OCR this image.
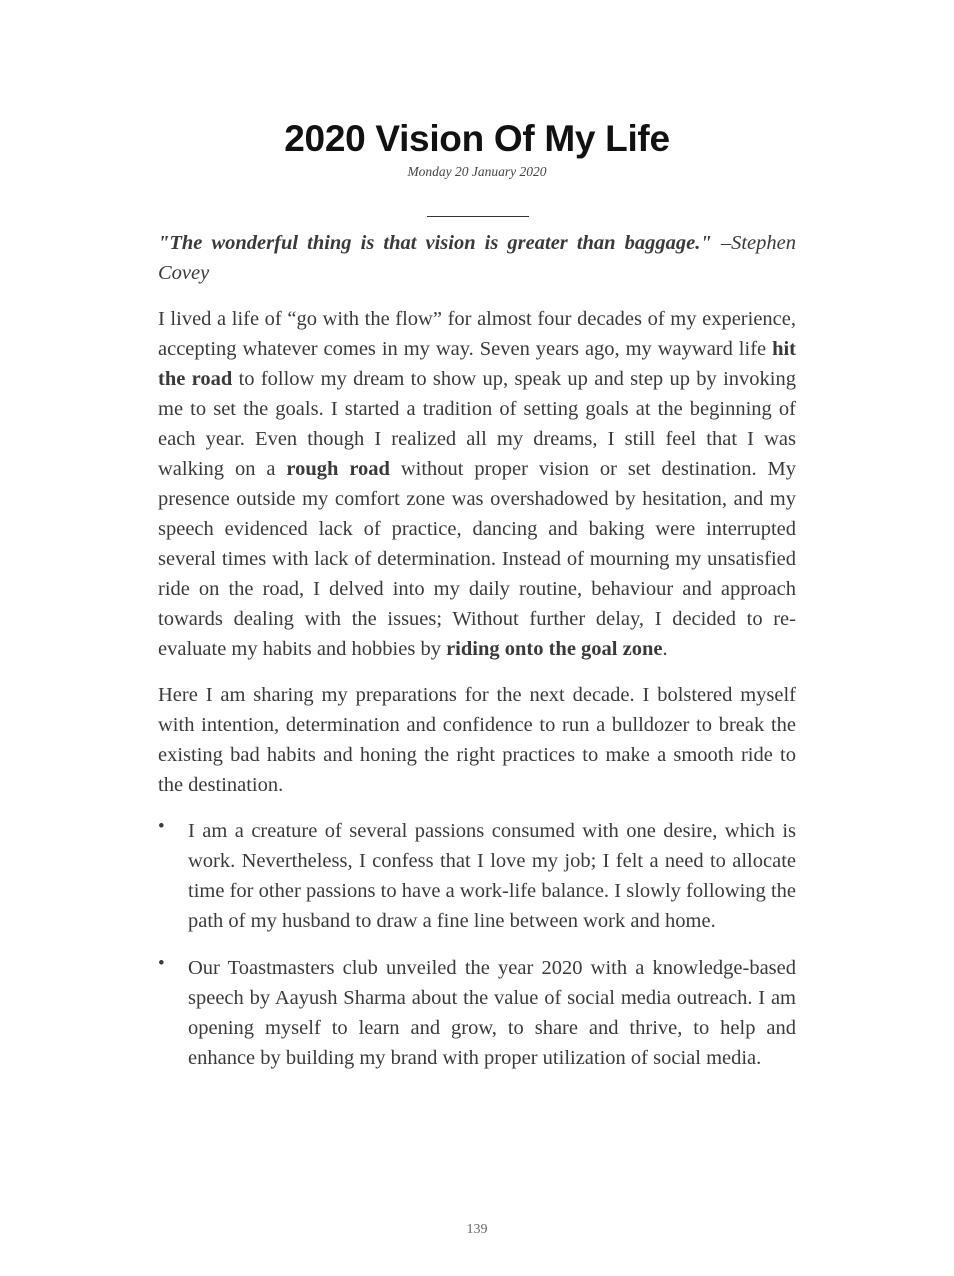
2020 Vision Of My Life
Monday 20 January 2020

"The wonderful thing is that vision is greater than baggage." –Stephen Covey

I lived a life of “go with the flow” for almost four decades of my experience, accepting whatever comes in my way. Seven years ago, my wayward life hit the road to follow my dream to show up, speak up and step up by invoking me to set the goals. I started a tradition of setting goals at the beginning of each year. Even though I realized all my dreams, I still feel that I was walking on a rough road without proper vision or set destination. My presence outside my comfort zone was overshadowed by hesitation, and my speech evidenced lack of practice, dancing and baking were interrupted several times with lack of determination. Instead of mourning my unsatisfied ride on the road, I delved into my daily routine, behaviour and approach towards dealing with the issues; Without further delay, I decided to re-evaluate my habits and hobbies by riding onto the goal zone.

Here I am sharing my preparations for the next decade. I bolstered myself with intention, determination and confidence to run a bulldozer to break the existing bad habits and honing the right practices to make a smooth ride to the destination.

• I am a creature of several passions consumed with one desire, which is work. Nevertheless, I confess that I love my job; I felt a need to allocate time for other passions to have a work-life balance. I slowly following the path of my husband to draw a fine line between work and home.
• Our Toastmasters club unveiled the year 2020 with a knowledge-based speech by Aayush Sharma about the value of social media outreach. I am opening myself to learn and grow, to share and thrive, to help and enhance by building my brand with proper utilization of social media.
139
